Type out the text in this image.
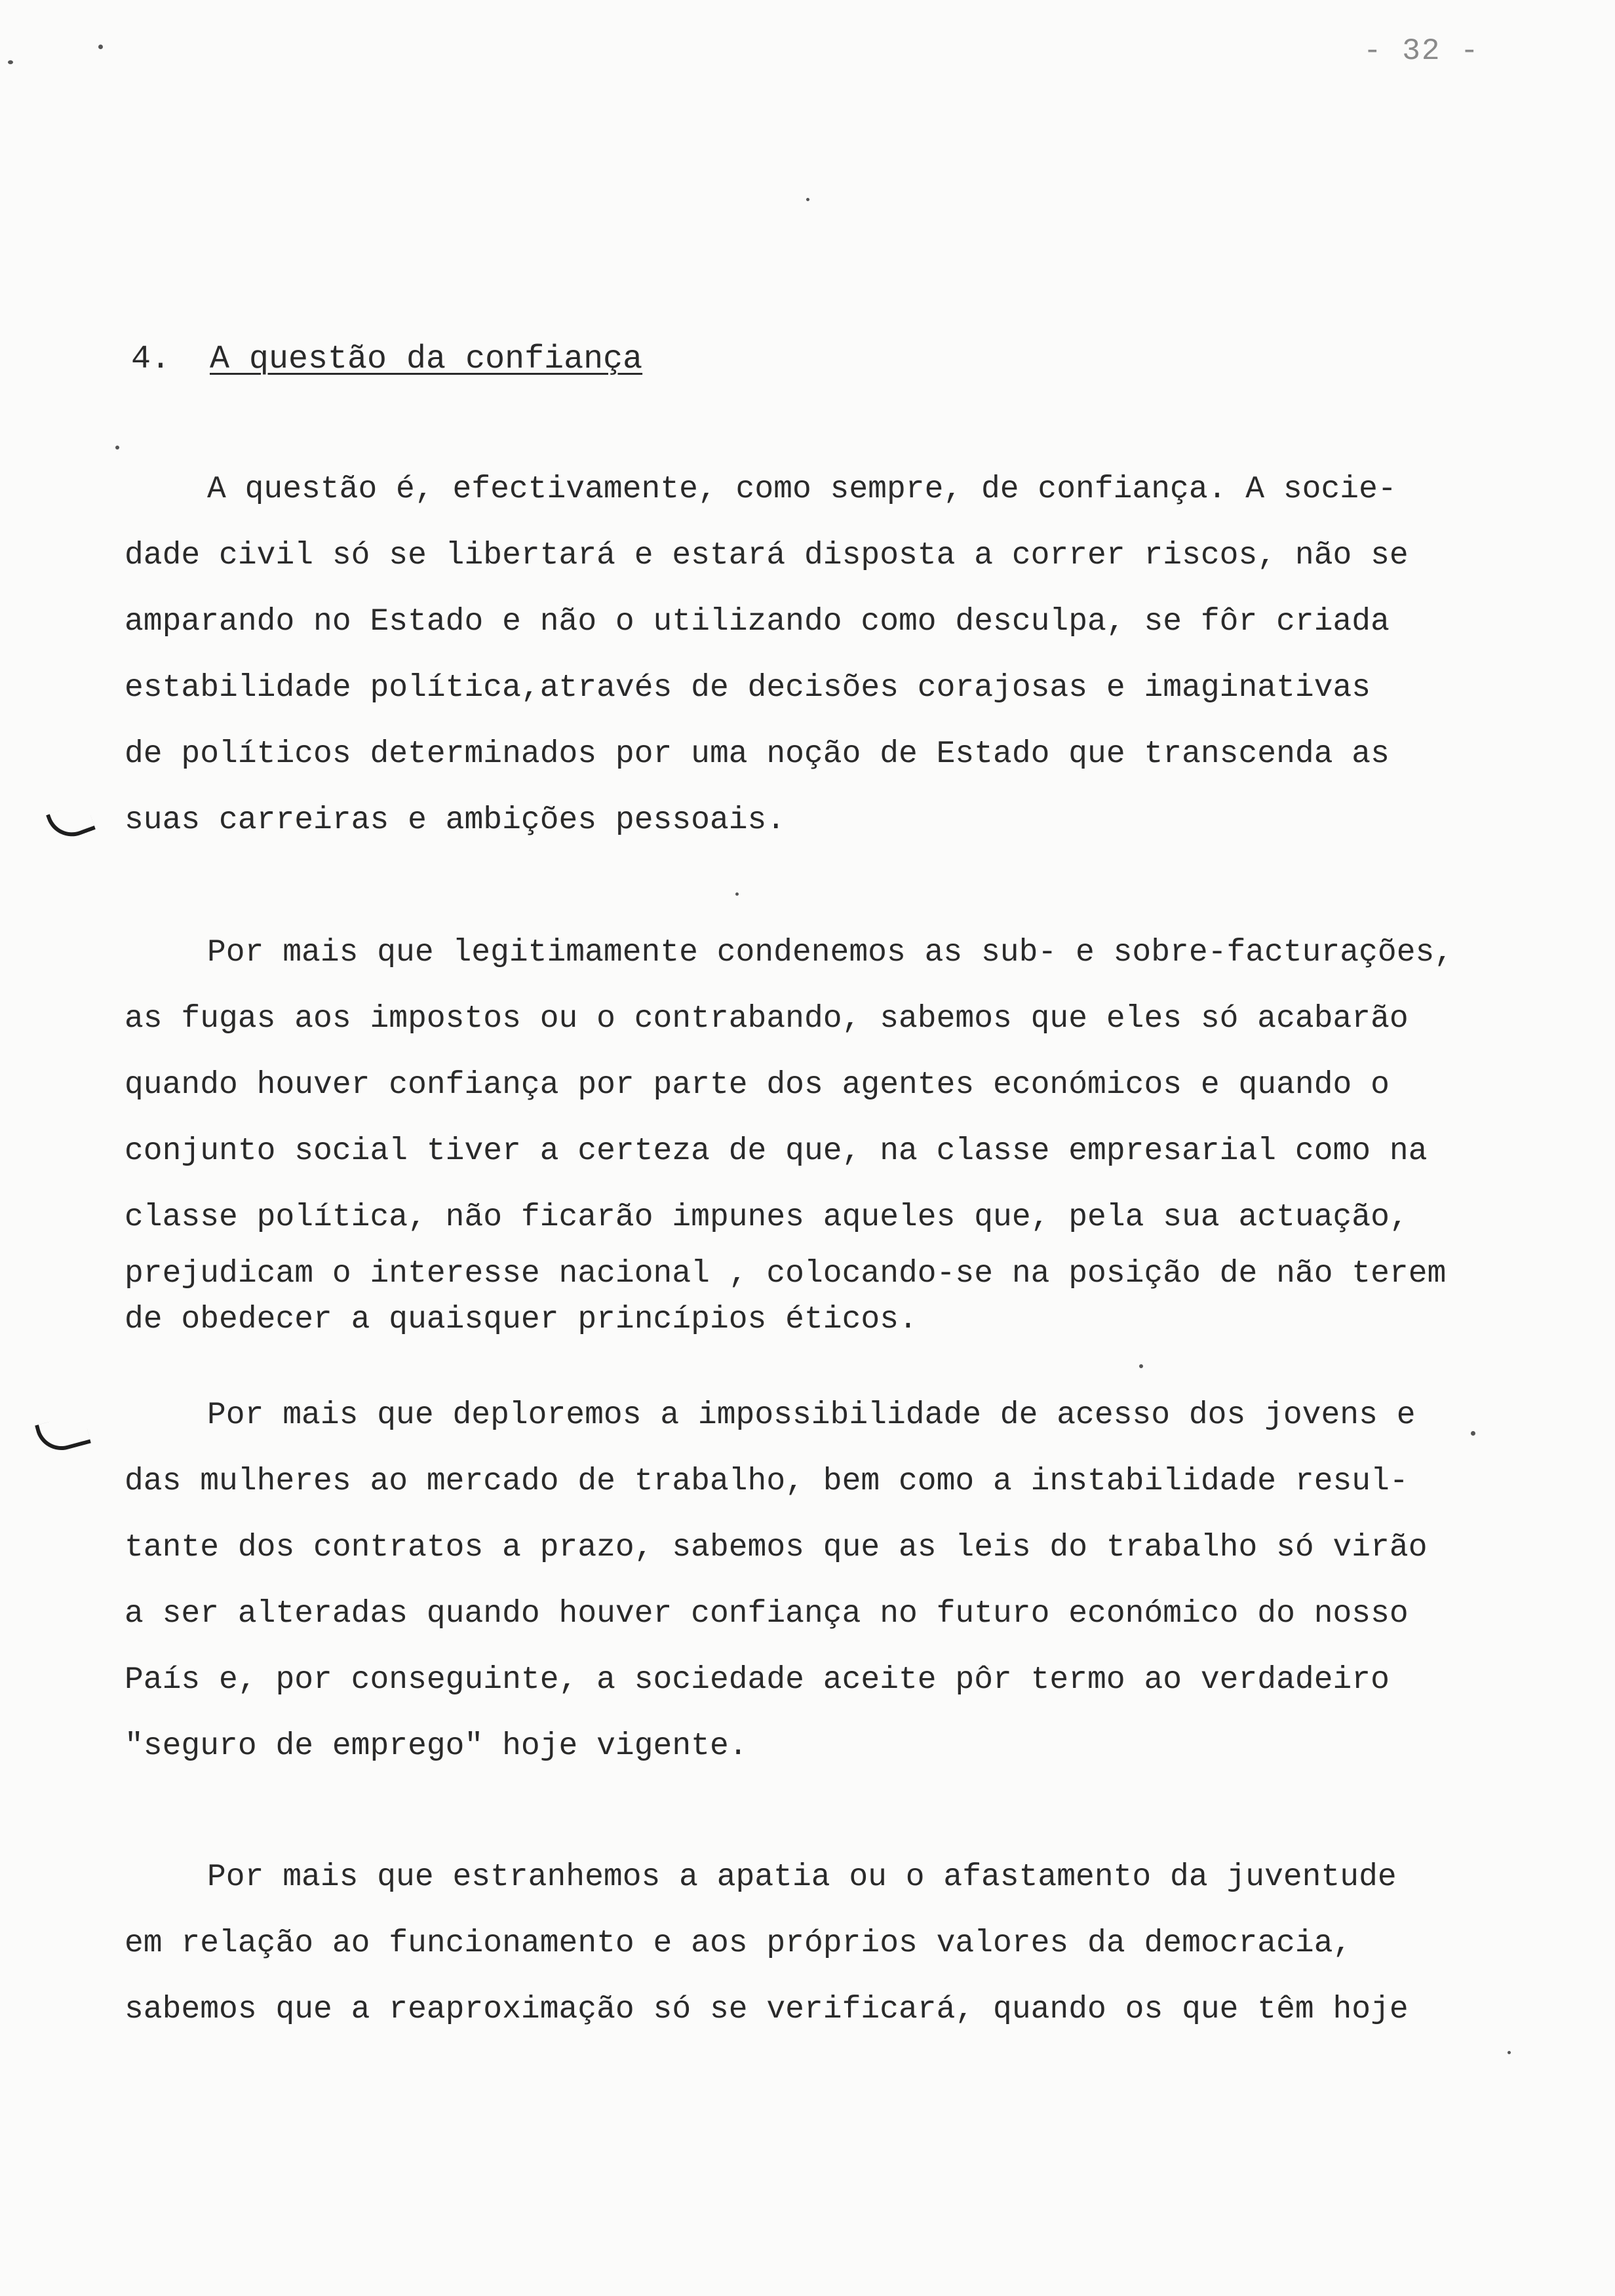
- 32 -
4. A questão da confiança
A questão é, efectivamente, como sempre, de confiança. A socie-
dade civil só se libertará e estará disposta a correr riscos, não se
amparando no Estado e não o utilizando como desculpa, se fôr criada
estabilidade política,através de decisões corajosas e imaginativas
de políticos determinados por uma noção de Estado que transcenda as
suas carreiras e ambições pessoais.
Por mais que legitimamente condenemos as sub- e sobre-facturações,
as fugas aos impostos ou o contrabando, sabemos que eles só acabarão
quando houver confiança por parte dos agentes económicos e quando o
conjunto social tiver a certeza de que, na classe empresarial como na
classe política, não ficarão impunes aqueles que, pela sua actuação,
prejudicam o interesse nacional , colocando-se na posição de não terem
de obedecer a quaisquer princípios éticos.
Por mais que deploremos a impossibilidade de acesso dos jovens e
das mulheres ao mercado de trabalho, bem como a instabilidade resul-
tante dos contratos a prazo, sabemos que as leis do trabalho só virão
a ser alteradas quando houver confiança no futuro económico do nosso
País e, por conseguinte, a sociedade aceite pôr termo ao verdadeiro
"seguro de emprego" hoje vigente.
Por mais que estranhemos a apatia ou o afastamento da juventude
em relação ao funcionamento e aos próprios valores da democracia,
sabemos que a reaproximação só se verificará, quando os que têm hoje
